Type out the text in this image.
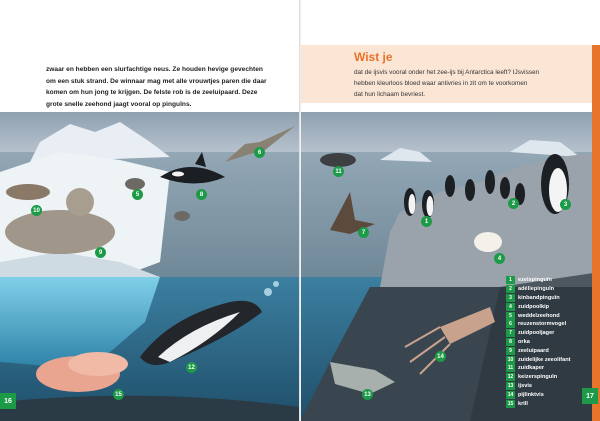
zwaar en hebben een slurfachtige neus. Ze houden hevige gevechten
om een stuk strand. De winnaar mag met alle vrouwtjes paren die daar
komen om hun jong te krijgen. De felste rob is de zeeluipaard. Deze
grote snelle zeehond jaagt vooral op pinguïns.
Wist je
dat de ijsvis vooral onder het zee-ijs bij Antarctica leeft? IJsvissen
hebben kleurloos bloed waar antivries in zit om te voorkomen
dat hun lichaam bevriest.
1
2	3
4
5
6
7
8
9
10
11
12
13
14
15
1	ezelspinguïn
2	adéliepinguïn
3	kinbandpinguïn
4	zuidpoolkip
5	weddelzeehond
6	reuzenstormvogel
7	zuidpooljager
8	orka
9	zeeluipaard
10 zuidelijke zeeolifant
11 zuidkaper
12 keizerspinguïn
13 ijsvis
14 pijlinktvis
15 krill
16
17
